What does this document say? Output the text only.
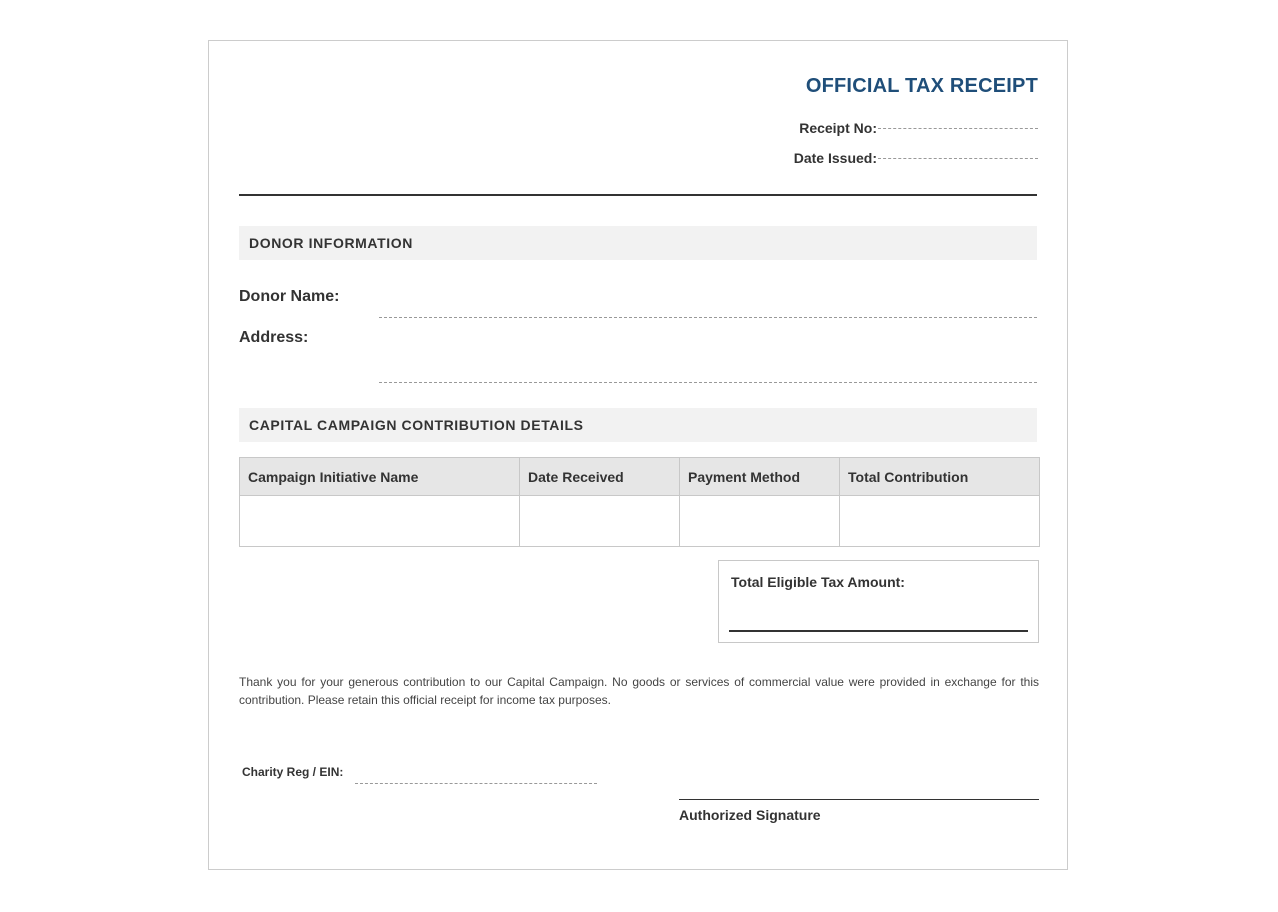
OFFICIAL TAX RECEIPT
Receipt No:
Date Issued:
DONOR INFORMATION
Donor Name:
Address:
CAPITAL CAMPAIGN CONTRIBUTION DETAILS
Campaign Initiative Name	Date Received	Payment Method	Total Contribution

Total Eligible Tax Amount:
Thank you for your generous contribution to our Capital Campaign. No goods or services of commercial value were provided in exchange for this contribution. Please retain this official receipt for income tax purposes.
Charity Reg / EIN:
Authorized Signature
